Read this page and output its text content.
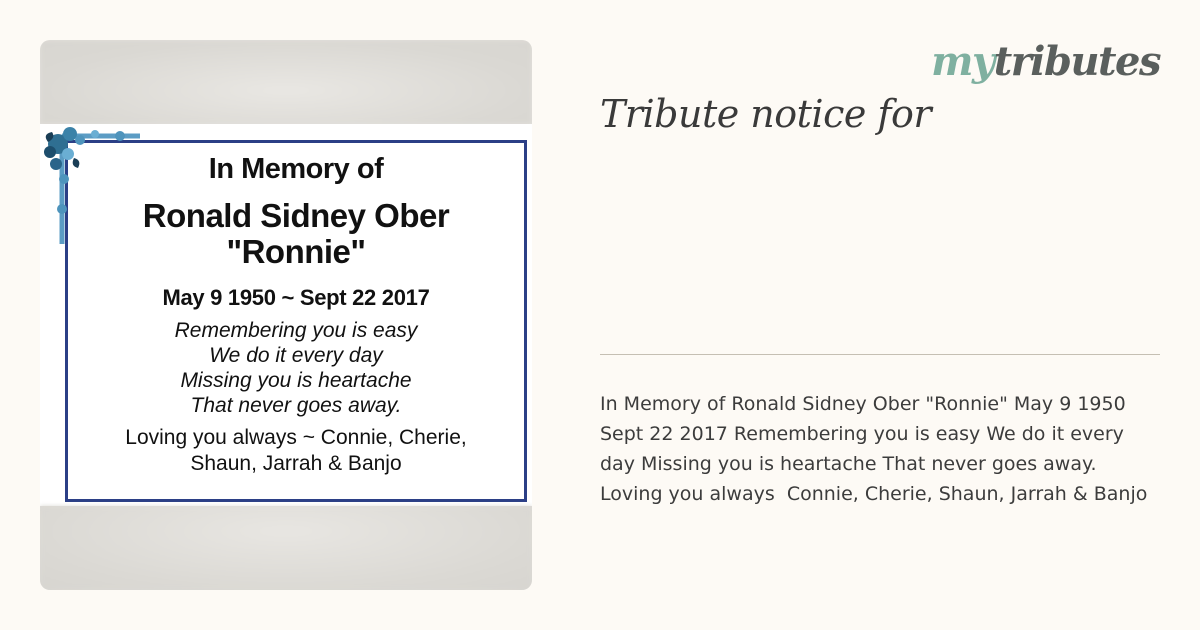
In Memory of
Ronald Sidney Ober
"Ronnie"
May 9 1950 ~ Sept 22 2017
Remembering you is easy
We do it every day
Missing you is heartache
That never goes away.
Loving you always ~ Connie, Cherie,
Shaun, Jarrah & Banjo
mytributes
Tribute notice for
In Memory of Ronald Sidney Ober "Ronnie" May 9 1950  Sept 22 2017 Remembering you is easy We do it every day Missing you is heartache That never goes away.  Loving you always  Connie, Cherie, Shaun, Jarrah & Banjo
